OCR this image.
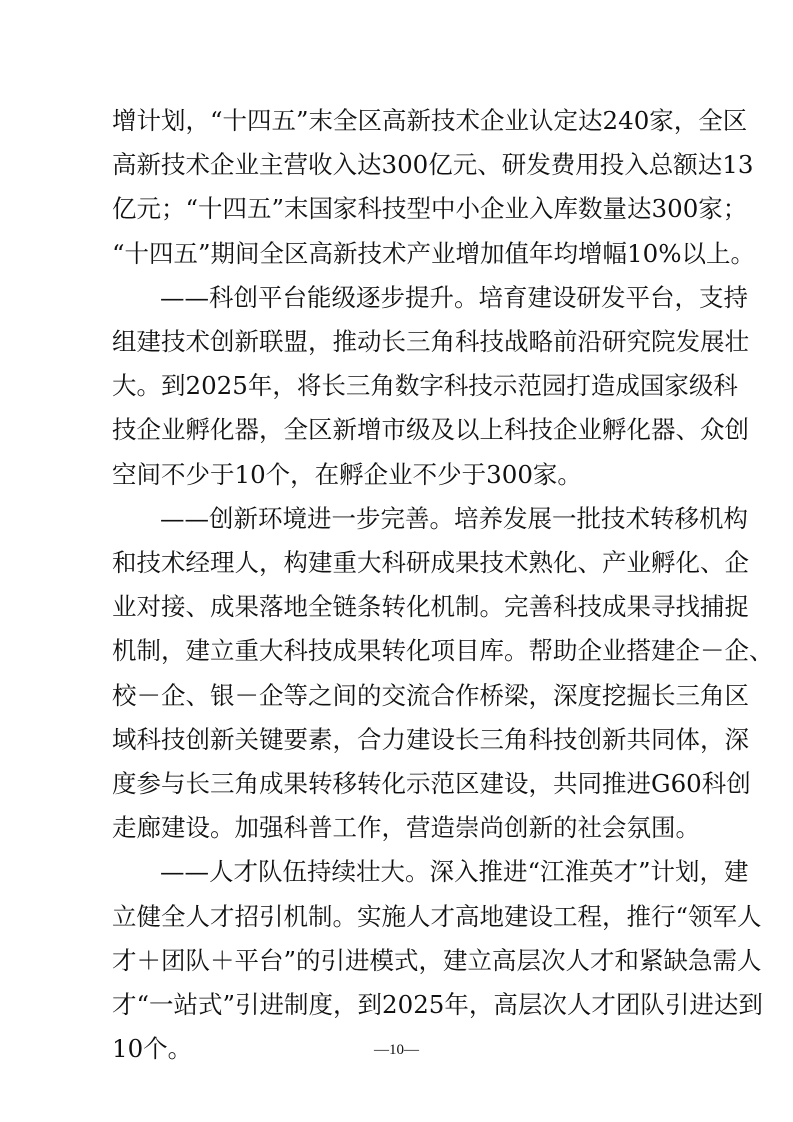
增计划，“十四五”末全区高新技术企业认定达240家，全区
高新技术企业主营收入达300亿元、研发费用投入总额达13
亿元；“十四五”末国家科技型中小企业入库数量达300家；
“十四五”期间全区高新技术产业增加值年均增幅10%以上。
——科创平台能级逐步提升。培育建设研发平台，支持
组建技术创新联盟，推动长三角科技战略前沿研究院发展壮
大。到2025年，将长三角数字科技示范园打造成国家级科
技企业孵化器，全区新增市级及以上科技企业孵化器、众创
空间不少于10个，在孵企业不少于300家。
——创新环境进一步完善。培养发展一批技术转移机构
和技术经理人，构建重大科研成果技术熟化、产业孵化、企
业对接、成果落地全链条转化机制。完善科技成果寻找捕捉
机制，建立重大科技成果转化项目库。帮助企业搭建企－企、
校－企、银－企等之间的交流合作桥梁，深度挖掘长三角区
域科技创新关键要素，合力建设长三角科技创新共同体，深
度参与长三角成果转移转化示范区建设，共同推进G60科创
走廊建设。加强科普工作，营造崇尚创新的社会氛围。
——人才队伍持续壮大。深入推进“江淮英才”计划，建
立健全人才招引机制。实施人才高地建设工程，推行“领军人
才＋团队＋平台”的引进模式，建立高层次人才和紧缺急需人
才“一站式”引进制度，到2025年，高层次人才团队引进达到
10个。	—10—
